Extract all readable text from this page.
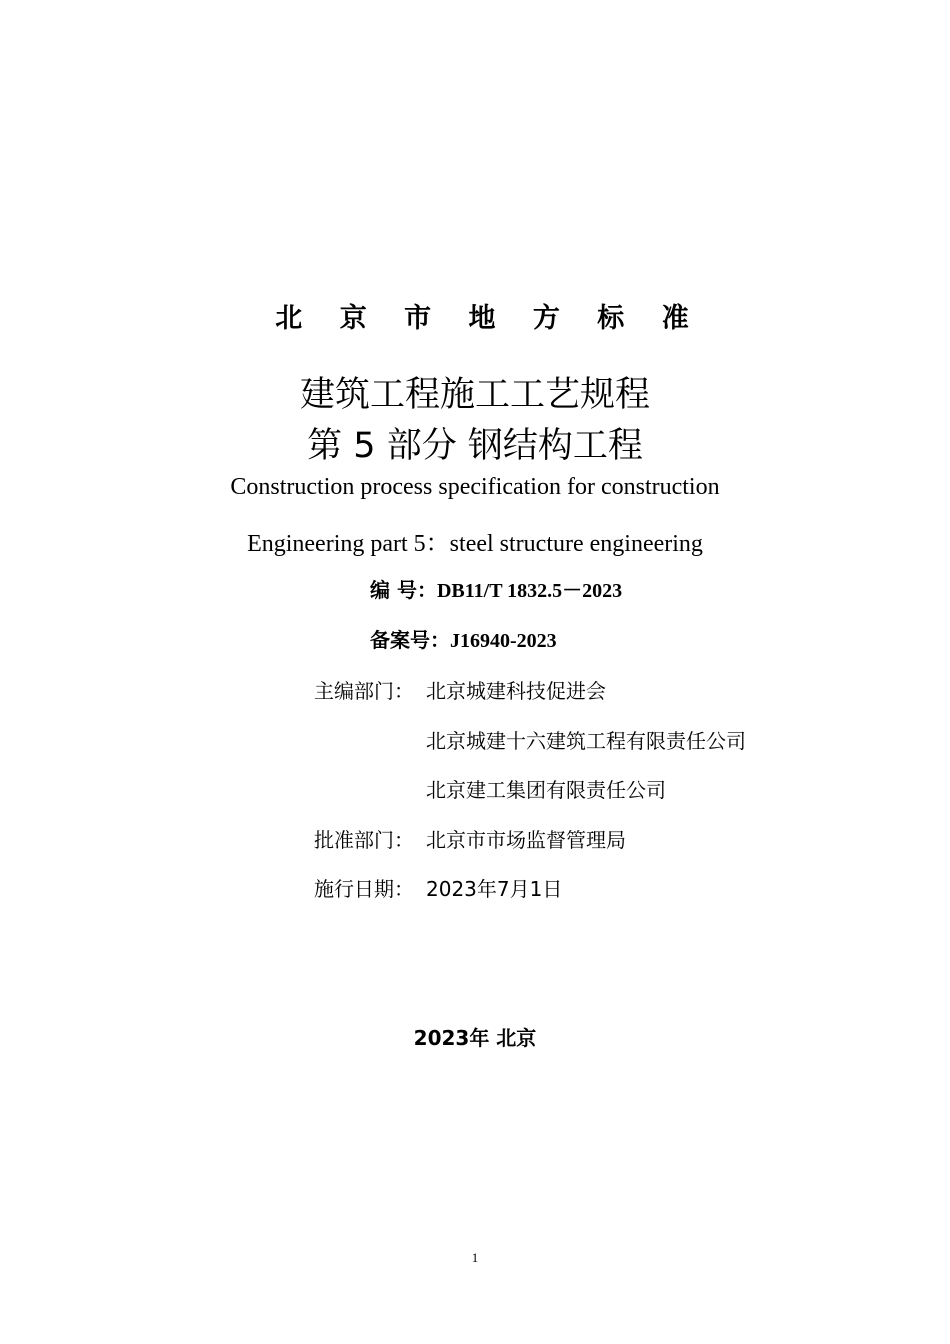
北 京 市 地 方 标 准
建筑工程施工工艺规程
第 5 部分 钢结构工程
Construction process specification for construction
Engineering part 5：steel structure engineering
编 号：DB11/T 1832.5－2023
备案号：J16940-2023
主编部门： 北京城建科技促进会
北京城建十六建筑工程有限责任公司
北京建工集团有限责任公司
批准部门： 北京市市场监督管理局
施行日期： 2023年7月1日
2023年 北京
1
